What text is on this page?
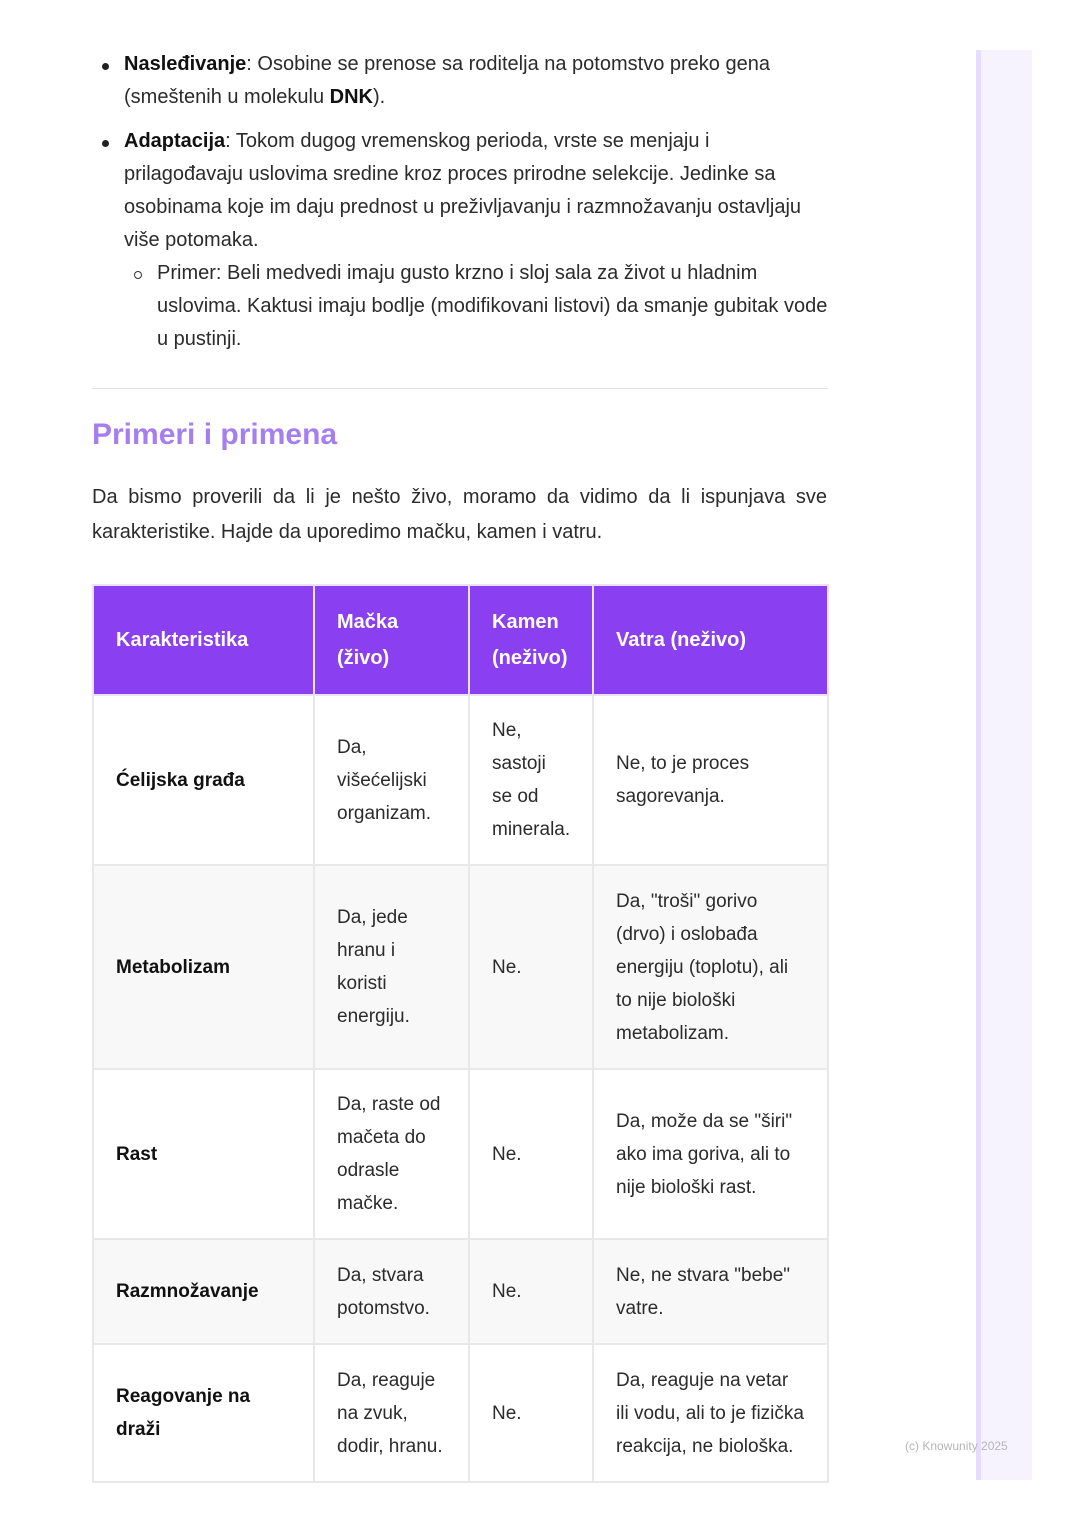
Nasleđivanje: Osobine se prenose sa roditelja na potomstvo preko gena (smeštenih u molekulu DNK).
Adaptacija: Tokom dugog vremenskog perioda, vrste se menjaju i prilagođavaju uslovima sredine kroz proces prirodne selekcije. Jedinke sa osobinama koje im daju prednost u preživljavanju i razmnožavanju ostavljaju više potomaka.
Primer: Beli medvedi imaju gusto krzno i sloj sala za život u hladnim uslovima. Kaktusi imaju bodlje (modifikovani listovi) da smanje gubitak vode u pustinji.
Primeri i primena

Da bismo proverili da li je nešto živo, moramo da vidimo da li ispunjava sve karakteristike. Hajde da uporedimo mačku, kamen i vatru.

Karakteristika	Mačka (živo)	Kamen (neživo)	Vatra (neživo)
Ćelijska građa	Da, višećelijski organizam.	Ne, sastoji se od minerala.	Ne, to je proces sagorevanja.
Metabolizam	Da, jede hranu i koristi energiju.	Ne.	Da, "troši" gorivo (drvo) i oslobađa energiju (toplotu), ali to nije biološki metabolizam.
Rast	Da, raste od mačeta do odrasle mačke.	Ne.	Da, može da se "širi" ako ima goriva, ali to nije biološki rast.
Razmnožavanje	Da, stvara potomstvo.	Ne.	Ne, ne stvara "bebe" vatre.
Reagovanje na draži	Da, reaguje na zvuk, dodir, hranu.	Ne.	Da, reaguje na vetar ili vodu, ali to je fizička reakcija, ne biološka.	(c) Knowunity 2025
